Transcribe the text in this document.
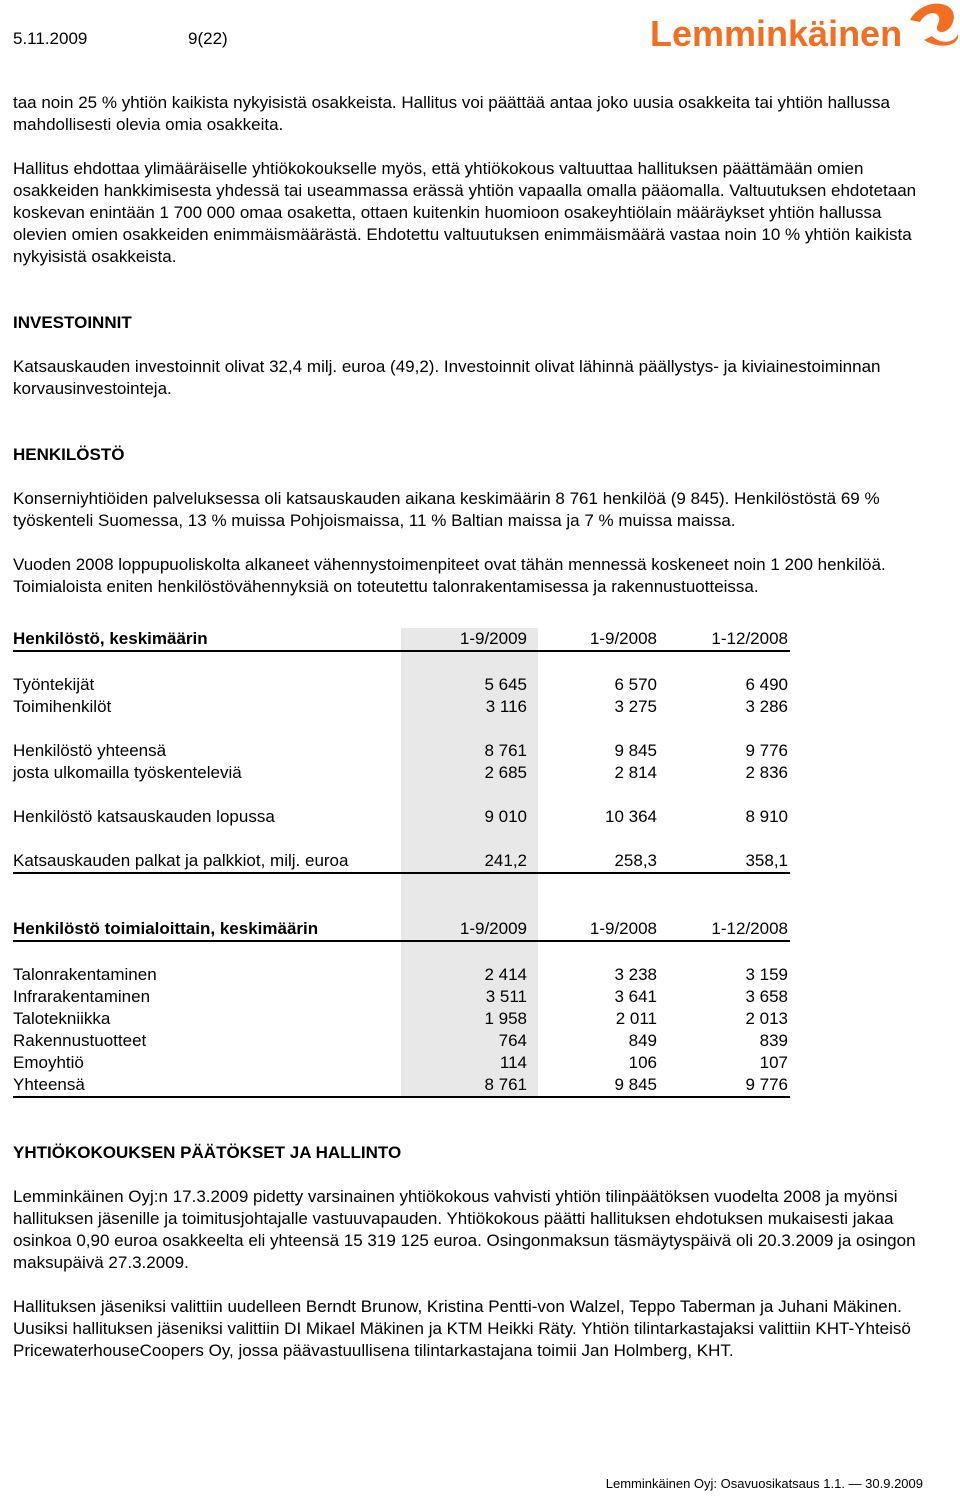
5.11.2009	9(22)	Lemminkäinen

taa noin 25 % yhtiön kaikista nykyisistä osakkeista. Hallitus voi päättää antaa joko uusia osakkeita tai yhtiön hallussa mahdollisesti olevia omia osakkeita.

Hallitus ehdottaa ylimääräiselle yhtiökokoukselle myös, että yhtiökokous valtuuttaa hallituksen päättämään omien osakkeiden hankkimisesta yhdessä tai useammassa erässä yhtiön vapaalla omalla pääomalla. Valtuutuksen ehdotetaan koskevan enintään 1 700 000 omaa osaketta, ottaen kuitenkin huomioon osakeyhtiölain määräykset yhtiön hallussa olevien omien osakkeiden enimmäismäärästä. Ehdotettu valtuutuksen enimmäismäärä vastaa noin 10 % yhtiön kaikista nykyisistä osakkeista.

INVESTOINNIT

Katsauskauden investoinnit olivat 32,4 milj. euroa (49,2). Investoinnit olivat lähinnä päällystys- ja kiviainestoiminnan korvausinvestointeja.

HENKILÖSTÖ

Konserniyhtiöiden palveluksessa oli katsauskauden aikana keskimäärin 8 761 henkilöä (9 845). Henkilöstöstä 69 % työskenteli Suomessa, 13 % muissa Pohjoismaissa, 11 % Baltian maissa ja 7 % muissa maissa.

Vuoden 2008 loppupuoliskolta alkaneet vähennystoimenpiteet ovat tähän mennessä koskeneet noin 1 200 henkilöä. Toimialoista eniten henkilöstövähennyksiä on toteutettu talonrakentamisessa ja rakennustuotteissa.

Henkilöstö, keskimäärin	1-9/2009	1-9/2008	1-12/2008

Työntekijät	5 645	6 570	6 490
Toimihenkilöt	3 116	3 275	3 286

Henkilöstö yhteensä	8 761	9 845	9 776
josta ulkomailla työskenteleviä	2 685	2 814	2 836

Henkilöstö katsauskauden lopussa	9 010	10 364	8 910

Katsauskauden palkat ja palkkiot, milj. euroa	241,2	258,3	358,1

Henkilöstö toimialoittain, keskimäärin	1-9/2009	1-9/2008	1-12/2008

Talonrakentaminen	2 414	3 238	3 159
Infrarakentaminen	3 511	3 641	3 658
Talotekniikka	1 958	2 011	2 013
Rakennustuotteet	764	849	839
Emoyhtiö	114	106	107
Yhteensä	8 761	9 845	9 776
YHTIÖKOKOUKSEN PÄÄTÖKSET JA HALLINTO

Lemminkäinen Oyj:n 17.3.2009 pidetty varsinainen yhtiökokous vahvisti yhtiön tilinpäätöksen vuodelta 2008 ja myönsi hallituksen jäsenille ja toimitusjohtajalle vastuuvapauden. Yhtiökokous päätti hallituksen ehdotuksen mukaisesti jakaa osinkoa 0,90 euroa osakkeelta eli yhteensä 15 319 125 euroa. Osingonmaksun täsmäytyspäivä oli 20.3.2009 ja osingon maksupäivä 27.3.2009.

Hallituksen jäseniksi valittiin uudelleen Berndt Brunow, Kristina Pentti-von Walzel, Teppo Taberman ja Juhani Mäkinen. Uusiksi hallituksen jäseniksi valittiin DI Mikael Mäkinen ja KTM Heikki Räty. Yhtiön tilintarkastajaksi valittiin KHT-Yhteisö PricewaterhouseCoopers Oy, jossa päävastuullisena tilintarkastajana toimii Jan Holmberg, KHT.

Lemminkäinen Oyj: Osavuosikatsaus 1.1. — 30.9.2009
